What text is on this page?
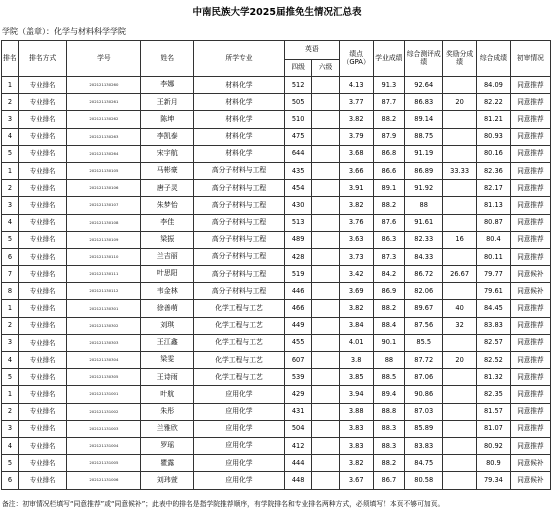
中南民族大学2025届推免生情况汇总表
学院（盖章）：化学与材料科学学院
排名	排名方式	学号	姓名	所学专业	英语		绩点（GPA）	学业成绩	综合测评成绩	奖励分成绩	综合成绩	初审情况
					四级	六级						
1	专业排名	202121130260	李娜	材料化学	512		4.13	91.3	92.64		84.09	同意推荐
2	专业排名	202121130261	王新月	材料化学	505		3.77	87.7	86.83	20	82.22	同意推荐
3	专业排名	202121130262	陈坤	材料化学	510		3.82	88.2	89.14		81.21	同意推荐
4	专业排名	202121130263	李凯泰	材料化学	475		3.79	87.9	88.75		80.93	同意推荐
5	专业排名	202121130264	宋宇航	材料化学	644		3.68	86.8	91.19		80.16	同意推荐
1	专业排名	202121130105	马彬豪	高分子材料与工程	435		3.66	86.6	86.89	33.33	82.36	同意推荐
2	专业排名	202121130106	唐子灵	高分子材料与工程	454		3.91	89.1	91.92		82.17	同意推荐
3	专业排名	202121130107	朱梦怡	高分子材料与工程	430		3.82	88.2	88		81.13	同意推荐
4	专业排名	202121130108	李佳	高分子材料与工程	513		3.76	87.6	91.61		80.87	同意推荐
5	专业排名	202121130109	梁振	高分子材料与工程	489		3.63	86.3	82.33	16	80.4	同意推荐
6	专业排名	202121130110	兰吉丽	高分子材料与工程	428		3.73	87.3	84.33		80.11	同意推荐
7	专业排名	202121130111	叶思阳	高分子材料与工程	519		3.42	84.2	86.72	26.67	79.77	同意候补
8	专业排名	202121130112	韦金林	高分子材料与工程	446		3.69	86.9	82.06		79.61	同意候补
1	专业排名	202121130301	徐善萌	化学工程与工艺	466		3.82	88.2	89.67	40	84.45	同意推荐
2	专业排名	202121130302	刘琪	化学工程与工艺	449		3.84	88.4	87.56	32	83.83	同意推荐
3	专业排名	202121130303	王江鑫	化学工程与工艺	455		4.01	90.1	85.5		82.57	同意推荐
4	专业排名	202121130304	梁雯	化学工程与工艺	607		3.8	88	87.72	20	82.52	同意推荐
5	专业排名	202121130305	王诗雨	化学工程与工艺	539		3.85	88.5	87.06		81.32	同意推荐
1	专业排名	202121131001	叶航	应用化学	429		3.94	89.4	90.86		82.35	同意推荐
2	专业排名	202121131002	朱彤	应用化学	431		3.88	88.8	87.03		81.57	同意推荐
3	专业排名	202121131003	兰雅欣	应用化学	504		3.83	88.3	85.89		81.07	同意推荐
4	专业排名	202121131004	罗瑶	应用化学	412		3.83	88.3	83.83		80.92	同意推荐
5	专业排名	202121131005	瞿露	应用化学	444		3.82	88.2	84.75		80.9	同意候补
6	专业排名	202121131006	刘玮萱	应用化学	448		3.67	86.7	80.58		79.34	同意候补
备注：初审情况栏填写“同意推荐”或“同意候补”；此表中的排名是指学院推荐顺序，有学院排名和专业排名两种方式，必须填写！本页不够可加页。
